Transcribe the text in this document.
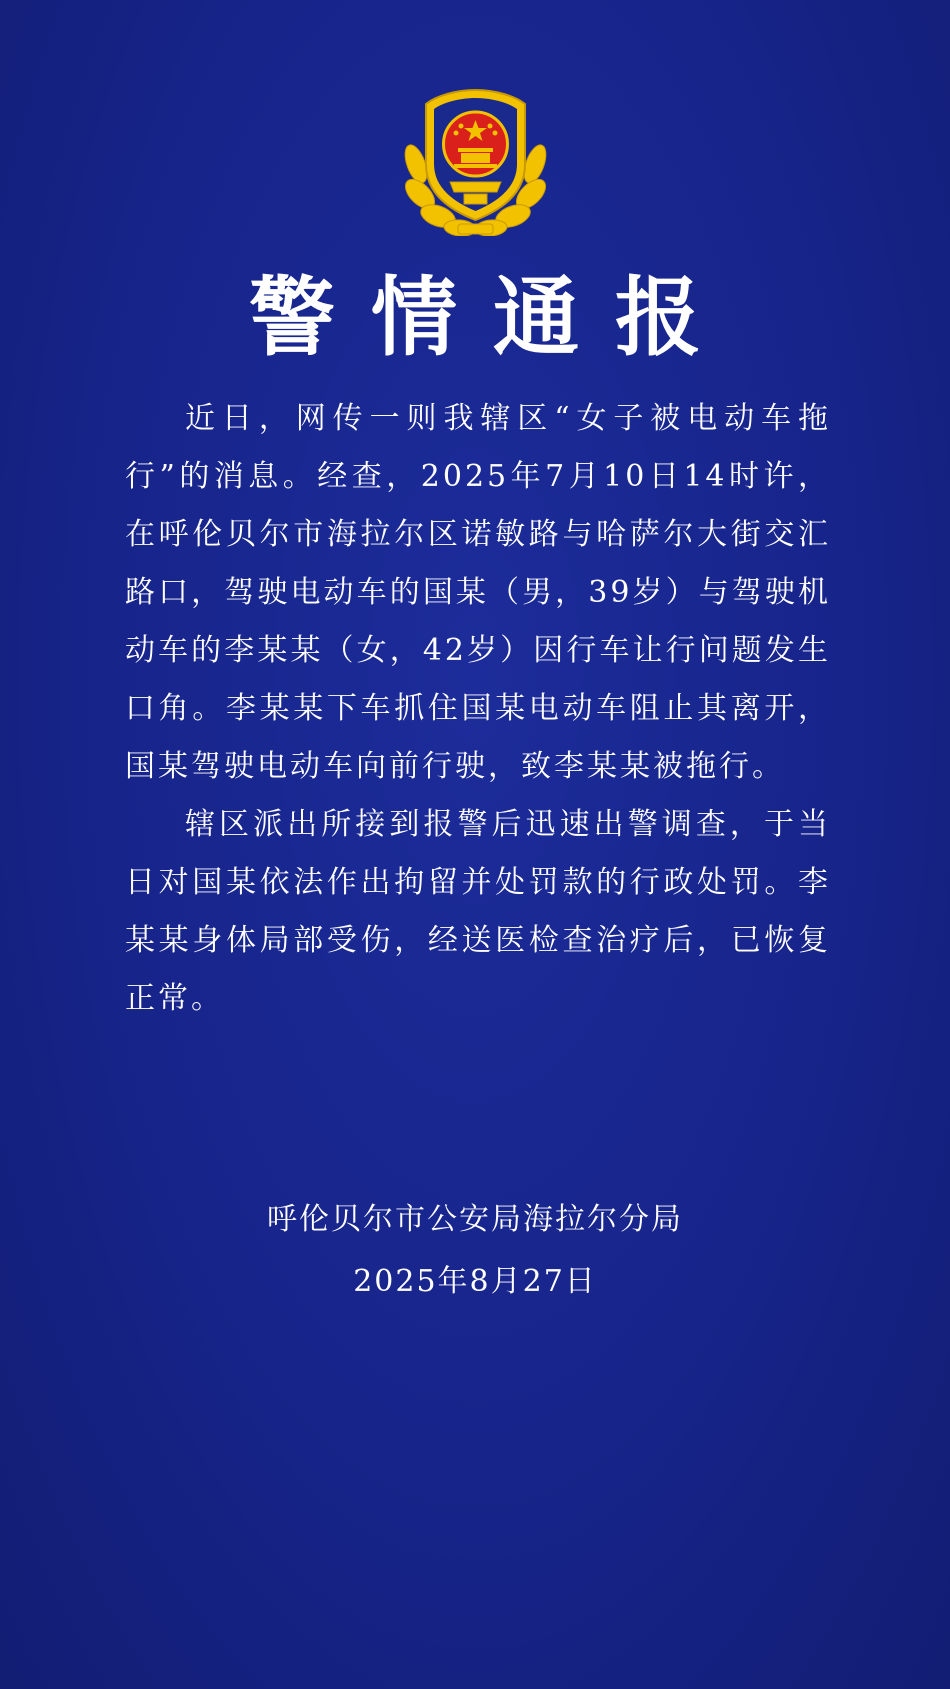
警情通报

近日，网传一则我辖区“女子被电动车拖行”的消息。经查，2025年7月10日14时许，在呼伦贝尔市海拉尔区诺敏路与哈萨尔大街交汇路口，驾驶电动车的国某（男，39岁）与驾驶机动车的李某某（女，42岁）因行车让行问题发生口角。李某某下车抓住国某电动车阻止其离开，国某驾驶电动车向前行驶，致李某某被拖行。

辖区派出所接到报警后迅速出警调查，于当日对国某依法作出拘留并处罚款的行政处罚。李某某身体局部受伤，经送医检查治疗后，已恢复正常。

呼伦贝尔市公安局海拉尔分局
2025年8月27日
